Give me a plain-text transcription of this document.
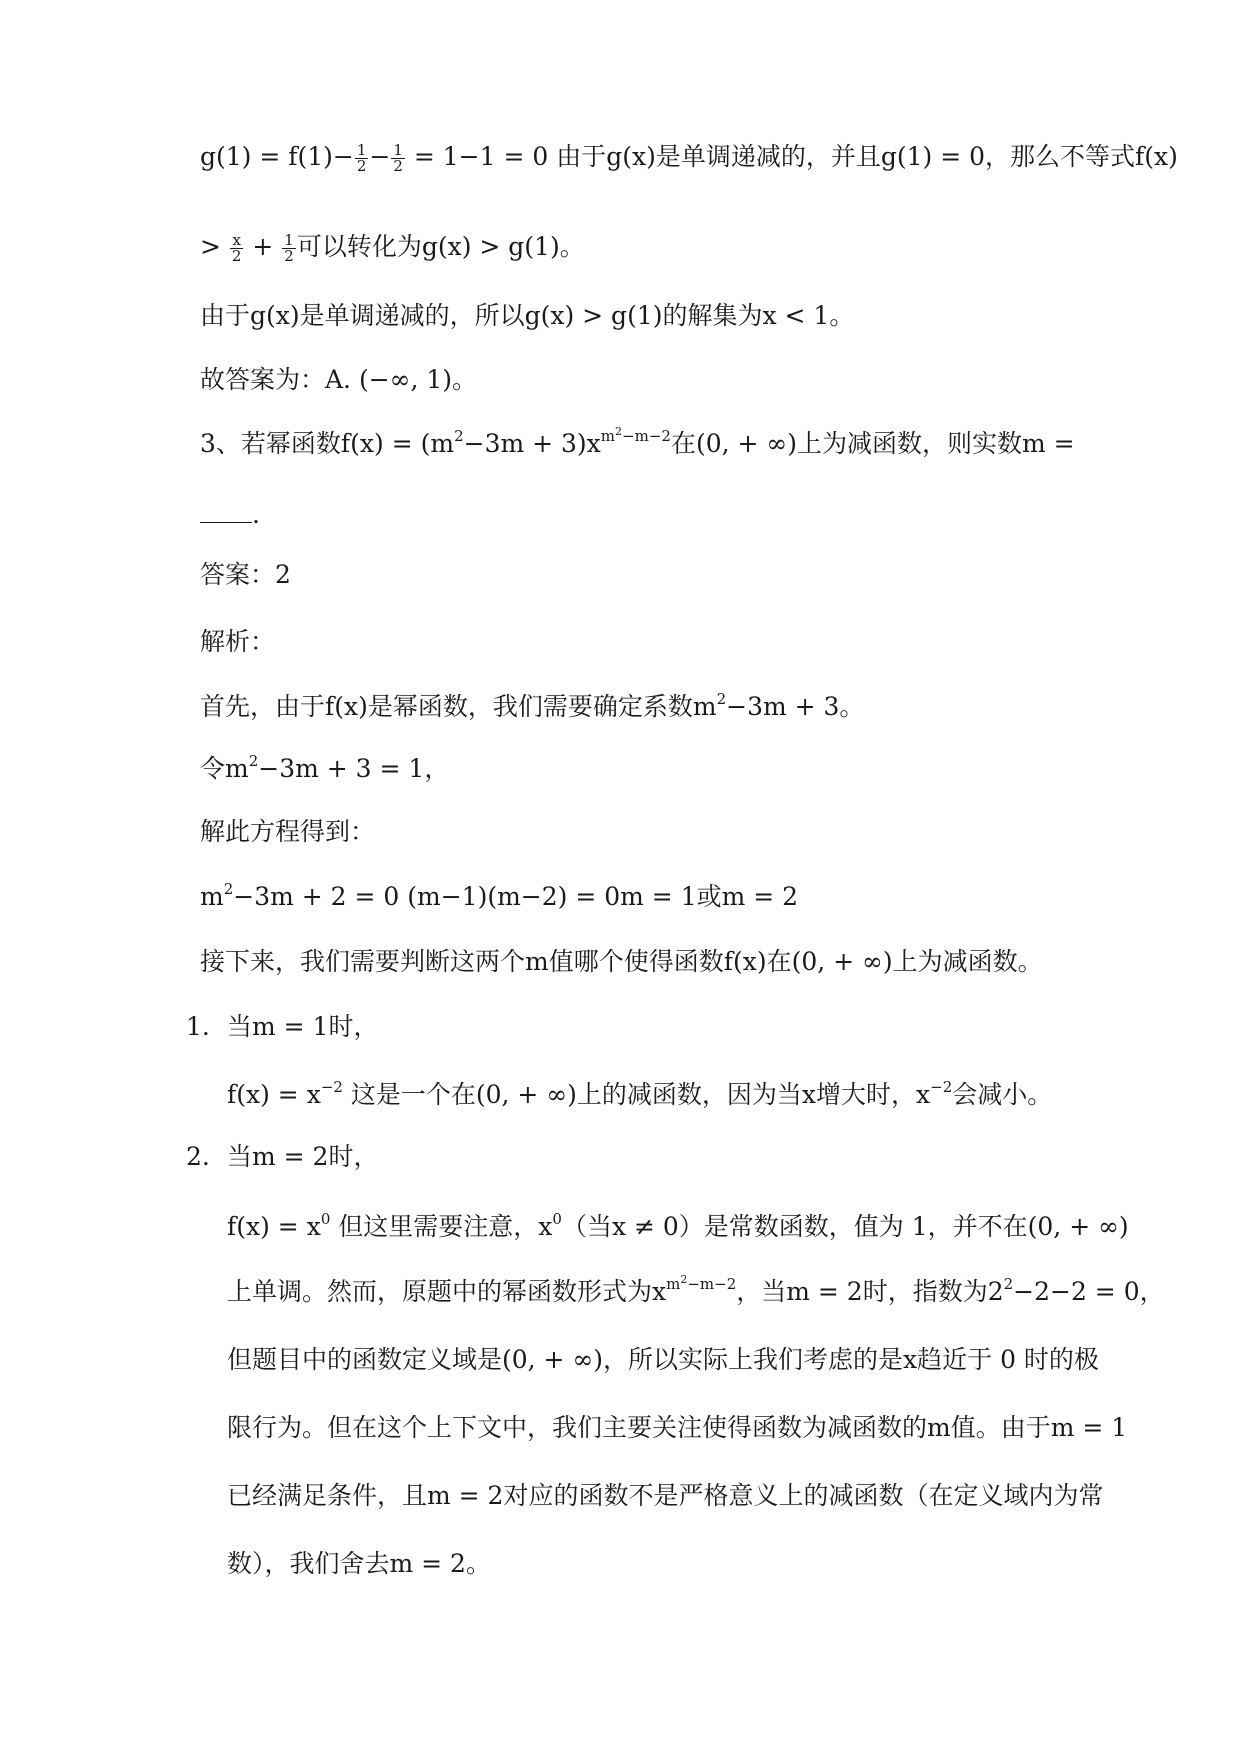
$g(1) = f(1)- \frac{1}{2} - \frac{1}{2} = 1-1 = 0$ 由于g(x)是单调递减的，并且g(1) = 0，那么不等式f(x)
> $\frac{x}{2} + \frac{1}{2}$ 可以转化为g(x) > g(1)。
由于g(x)是单调递减的，所以g(x) > g(1)的解集为x < 1。
故答案为：A. (−∞, 1)。
3、若幂函数$f(x) = (m^2-3m + 3)x^{m^2-m-2}$在(0, + ∞)上为减函数，则实数m =
.
答案：2
解析：
首先，由于f(x)是幂函数，我们需要确定系数$m^2-3m + 3$。
令$m^2-3m + 3 = 1$，
解此方程得到：
$m^2-3m + 2 = 0$ (m−1)(m−2) = 0m = 1或m = 2
接下来，我们需要判断这两个m值哪个使得函数f(x)在(0, + ∞)上为减函数。
1. 当m = 1时，
$f(x) = x^{-2}$ 这是一个在(0, + ∞)上的减函数，因为当x增大时，$x^{-2}$会减小。
2. 当m = 2时，
$f(x) = x^0$ 但这里需要注意，$x^0$（当x ≠ 0）是常数函数，值为 1，并不在(0, + ∞)
上单调。然而，原题中的幂函数形式为$x^{m^2-m-2}$，当m = 2时，指数为$2^2-2-2 = 0$，
但题目中的函数定义域是(0, + ∞)，所以实际上我们考虑的是x趋近于 0 时的极
限行为。但在这个上下文中，我们主要关注使得函数为减函数的m值。由于m = 1
已经满足条件，且m = 2对应的函数不是严格意义上的减函数（在定义域内为常
数），我们舍去m = 2。
